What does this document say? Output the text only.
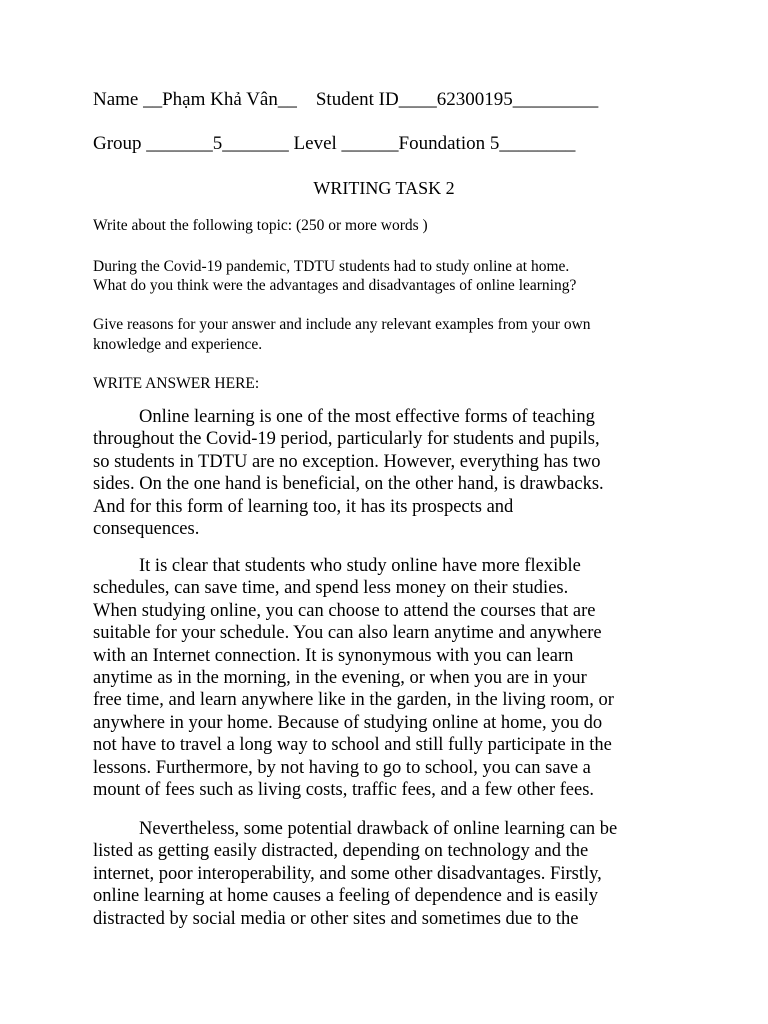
Name __Phạm Khả Vân__    Student ID____62300195_________
Group _______5_______ Level ______Foundation 5________
WRITING TASK 2
Write about the following topic: (250 or more words )
During the Covid-19 pandemic, TDTU students had to study online at home.
What do you think were the advantages and disadvantages of online learning?
Give reasons for your answer and include any relevant examples from your own
knowledge and experience.
WRITE ANSWER HERE:
Online learning is one of the most effective forms of teaching
throughout the Covid-19 period, particularly for students and pupils,
so students in TDTU are no exception. However, everything has two
sides. On the one hand is beneficial, on the other hand, is drawbacks.
And for this form of learning too, it has its prospects and
consequences.
It is clear that students who study online have more flexible
schedules, can save time, and spend less money on their studies.
When studying online, you can choose to attend the courses that are
suitable for your schedule. You can also learn anytime and anywhere
with an Internet connection. It is synonymous with you can learn
anytime as in the morning, in the evening, or when you are in your
free time, and learn anywhere like in the garden, in the living room, or
anywhere in your home. Because of studying online at home, you do
not have to travel a long way to school and still fully participate in the
lessons. Furthermore, by not having to go to school, you can save a
mount of fees such as living costs, traffic fees, and a few other fees.
Nevertheless, some potential drawback of online learning can be
listed as getting easily distracted, depending on technology and the
internet, poor interoperability, and some other disadvantages. Firstly,
online learning at home causes a feeling of dependence and is easily
distracted by social media or other sites and sometimes due to the
